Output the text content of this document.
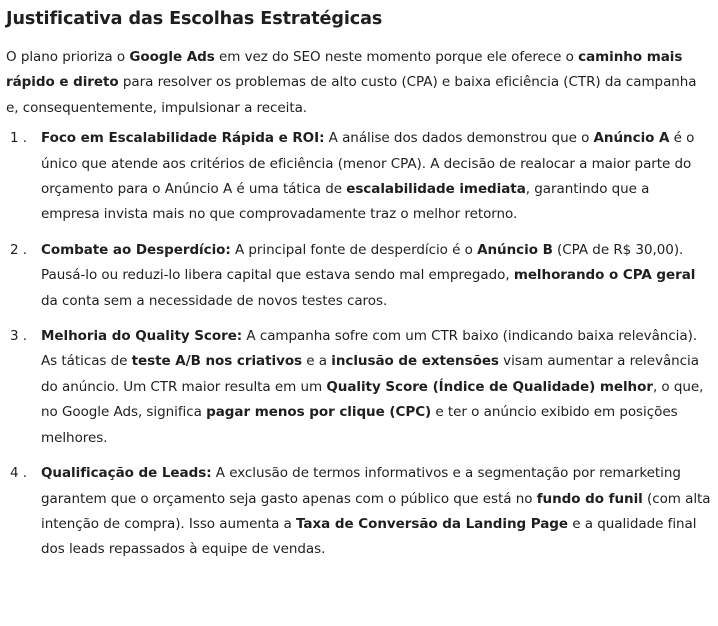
Justificativa das Escolhas Estratégicas

O plano prioriza o Google Ads em vez do SEO neste momento porque ele oferece o caminho mais rápido e direto para resolver os problemas de alto custo (CPA) e baixa eficiência (CTR) da campanha e, consequentemente, impulsionar a receita.

1 .	Foco em Escalabilidade Rápida e ROI: A análise dos dados demonstrou que o Anúncio A é o único que atende aos critérios de eficiência (menor CPA). A decisão de realocar a maior parte do orçamento para o Anúncio A é uma tática de escalabilidade imediata, garantindo que a empresa invista mais no que comprovadamente traz o melhor retorno.
2 .	Combate ao Desperdício: A principal fonte de desperdício é o Anúncio B (CPA de R$ 30,00). Pausá-lo ou reduzi-lo libera capital que estava sendo mal empregado, melhorando o CPA geral da conta sem a necessidade de novos testes caros.
3 .	Melhoria do Quality Score: A campanha sofre com um CTR baixo (indicando baixa relevância). As táticas de teste A/B nos criativos e a inclusão de extensões visam aumentar a relevância do anúncio. Um CTR maior resulta em um Quality Score (Índice de Qualidade) melhor, o que, no Google Ads, significa pagar menos por clique (CPC) e ter o anúncio exibido em posições melhores.
4 .	Qualificação de Leads: A exclusão de termos informativos e a segmentação por remarketing garantem que o orçamento seja gasto apenas com o público que está no fundo do funil (com alta intenção de compra). Isso aumenta a Taxa de Conversão da Landing Page e a qualidade final dos leads repassados à equipe de vendas.
